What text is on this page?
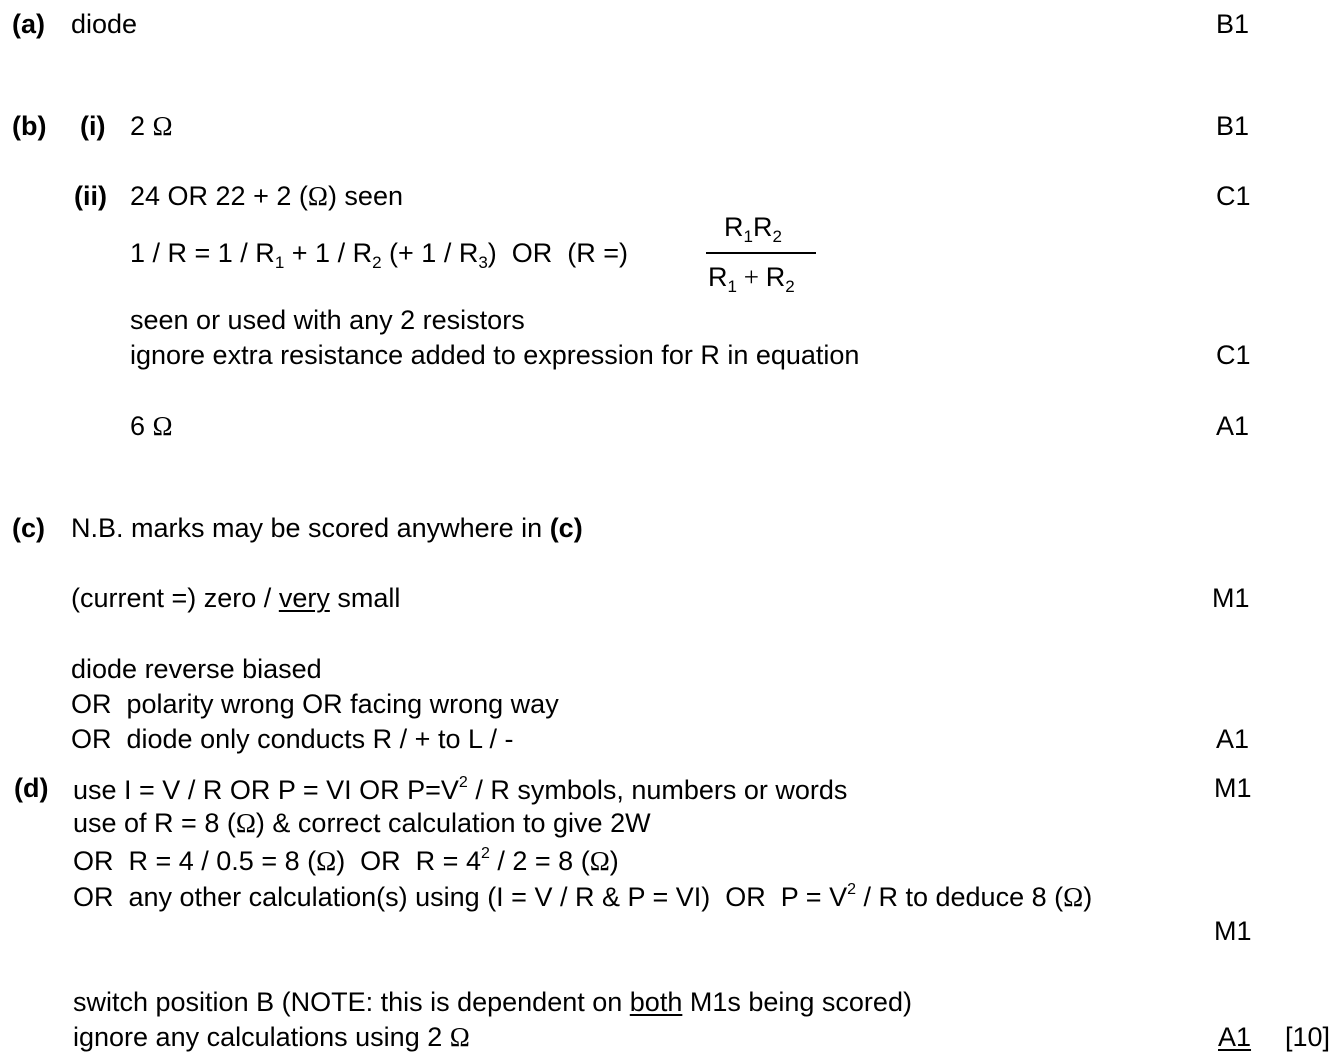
(a) diode	B1
(b) (i) 2 Ω	B1
(ii) 24 OR 22 + 2 (Ω) seen	C1
$1 / R = 1 / R_1 + 1 / R_2$ (+ $1 / R_3$)  OR  (R =)
$R_1R_2$
$R_1 + R_2$
seen or used with any 2 resistors
ignore extra resistance added to expression for R in equation	C1
6 Ω	A1
(c) N.B. marks may be scored anywhere in (c)
(current =) zero / very small	M1
diode reverse biased
OR  polarity wrong OR facing wrong way
OR  diode only conducts R / + to L / -	A1
(d) use I = V / R OR P = VI OR $P=V^2 / R$ symbols, numbers or words	M1
use of R = 8 (Ω) & correct calculation to give 2W
OR  R = 4 / 0.5 = 8 (Ω)  OR  $R = 4^2 / 2 = 8$ (Ω)
OR  any other calculation(s) using (I = V / R & P = VI)  OR  $P = V^2 / R$ to deduce 8 (Ω)
M1
switch position B (NOTE: this is dependent on both M1s being scored)
ignore any calculations using 2 Ω	A1 [10]
